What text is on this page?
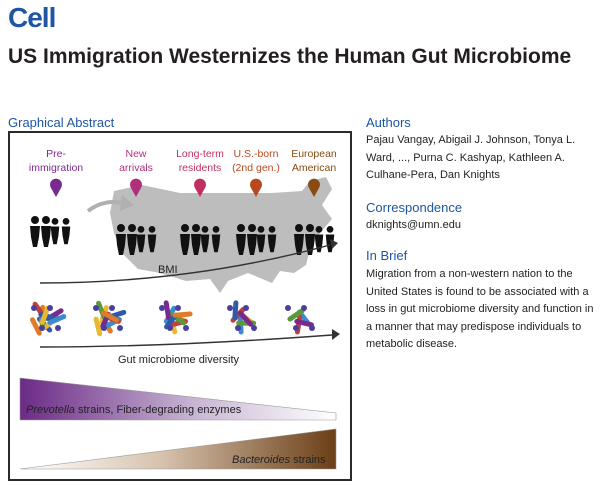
Cell
US Immigration Westernizes the Human Gut Microbiome
Graphical Abstract
Pre-
immigration
New
arrivals
Long-term
residents
U.S.-born
(2nd gen.)
European
American
BMI
Gut microbiome diversity
Prevotella strains, Fiber-degrading enzymes
Bacteroides strains
Authors
Pajau Vangay, Abigail J. Johnson, Tonya L. Ward, ..., Purna C. Kashyap, Kathleen A. Culhane-Pera, Dan Knights
Correspondence
dknights@umn.edu
In Brief
Migration from a non-western nation to the United States is found to be associated with a loss in gut microbiome diversity and function in a manner that may predispose individuals to metabolic disease.
